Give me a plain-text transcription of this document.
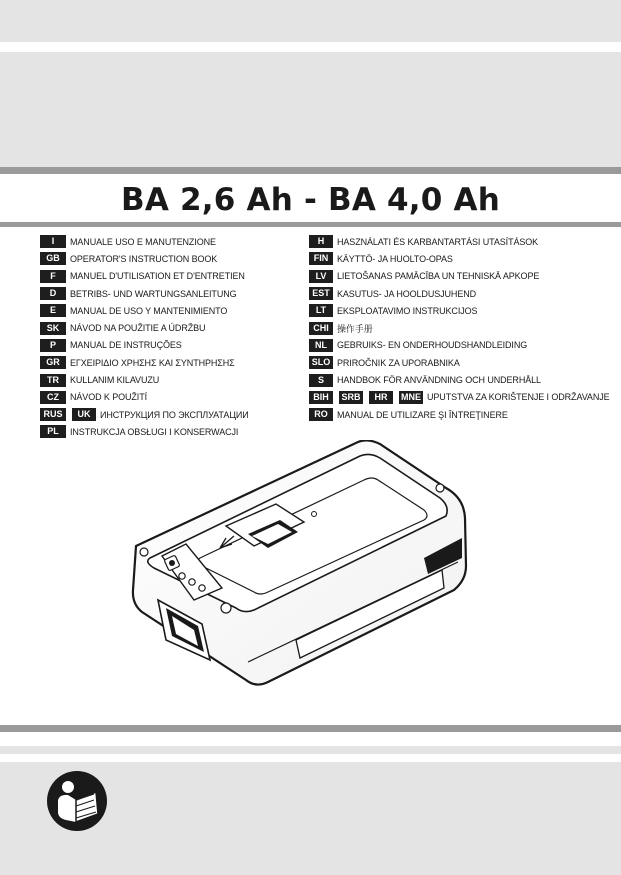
BA 2,6 Ah - BA 4,0 Ah
I	MANUALE USO E MANUTENZIONE
GB	OPERATOR'S INSTRUCTION BOOK
F	MANUEL D'UTILISATION ET D'ENTRETIEN
D	BETRIBS- UND WARTUNGSANLEITUNG
E	MANUAL DE USO Y MANTENIMIENTO
SK	NÁVOD NA POUŽITIE A ÚDRŽBU
P	MANUAL DE INSTRUÇÕES
GR	ΕΓΧΕΙΡΙΔΙΟ ΧΡΗΣΗΣ ΚΑΙ ΣΥΝΤΗΡΗΣΗΣ
TR	KULLANIM KILAVUZU
CZ	NÁVOD K POUŽITÍ
RUS	UK	ИНСТРУКЦИЯ ПО ЭКСПЛУАТАЦИИ
PL	INSTRUKCJA OBSŁUGI I KONSERWACJI
H	HASZNÁLATI ÉS KARBANTARTÁSI UTASÍTÁSOK
FIN KÄYTTÖ- JA HUOLTO-OPAS
LV	LIETOŠANAS PAMĀCĪBA UN TEHNISKĀ APKOPE
EST KASUTUS- JA HOOLDUSJUHEND
LT	EKSPLOATAVIMO INSTRUKCIJOS
CHI 操作手册
NL	GEBRUIKS- EN ONDERHOUDSHANDLEIDING
SLO PRIROČNIK ZA UPORABNIKA
S	HANDBOK FÖR ANVÄNDNING OCH UNDERHÅLL
BIH	SRB	HR	MNE UPUTSTVA ZA KORIŠTENJE I ODRŽAVANJE
RO	MANUAL DE UTILIZARE ŞI ÎNTREŢINERE
